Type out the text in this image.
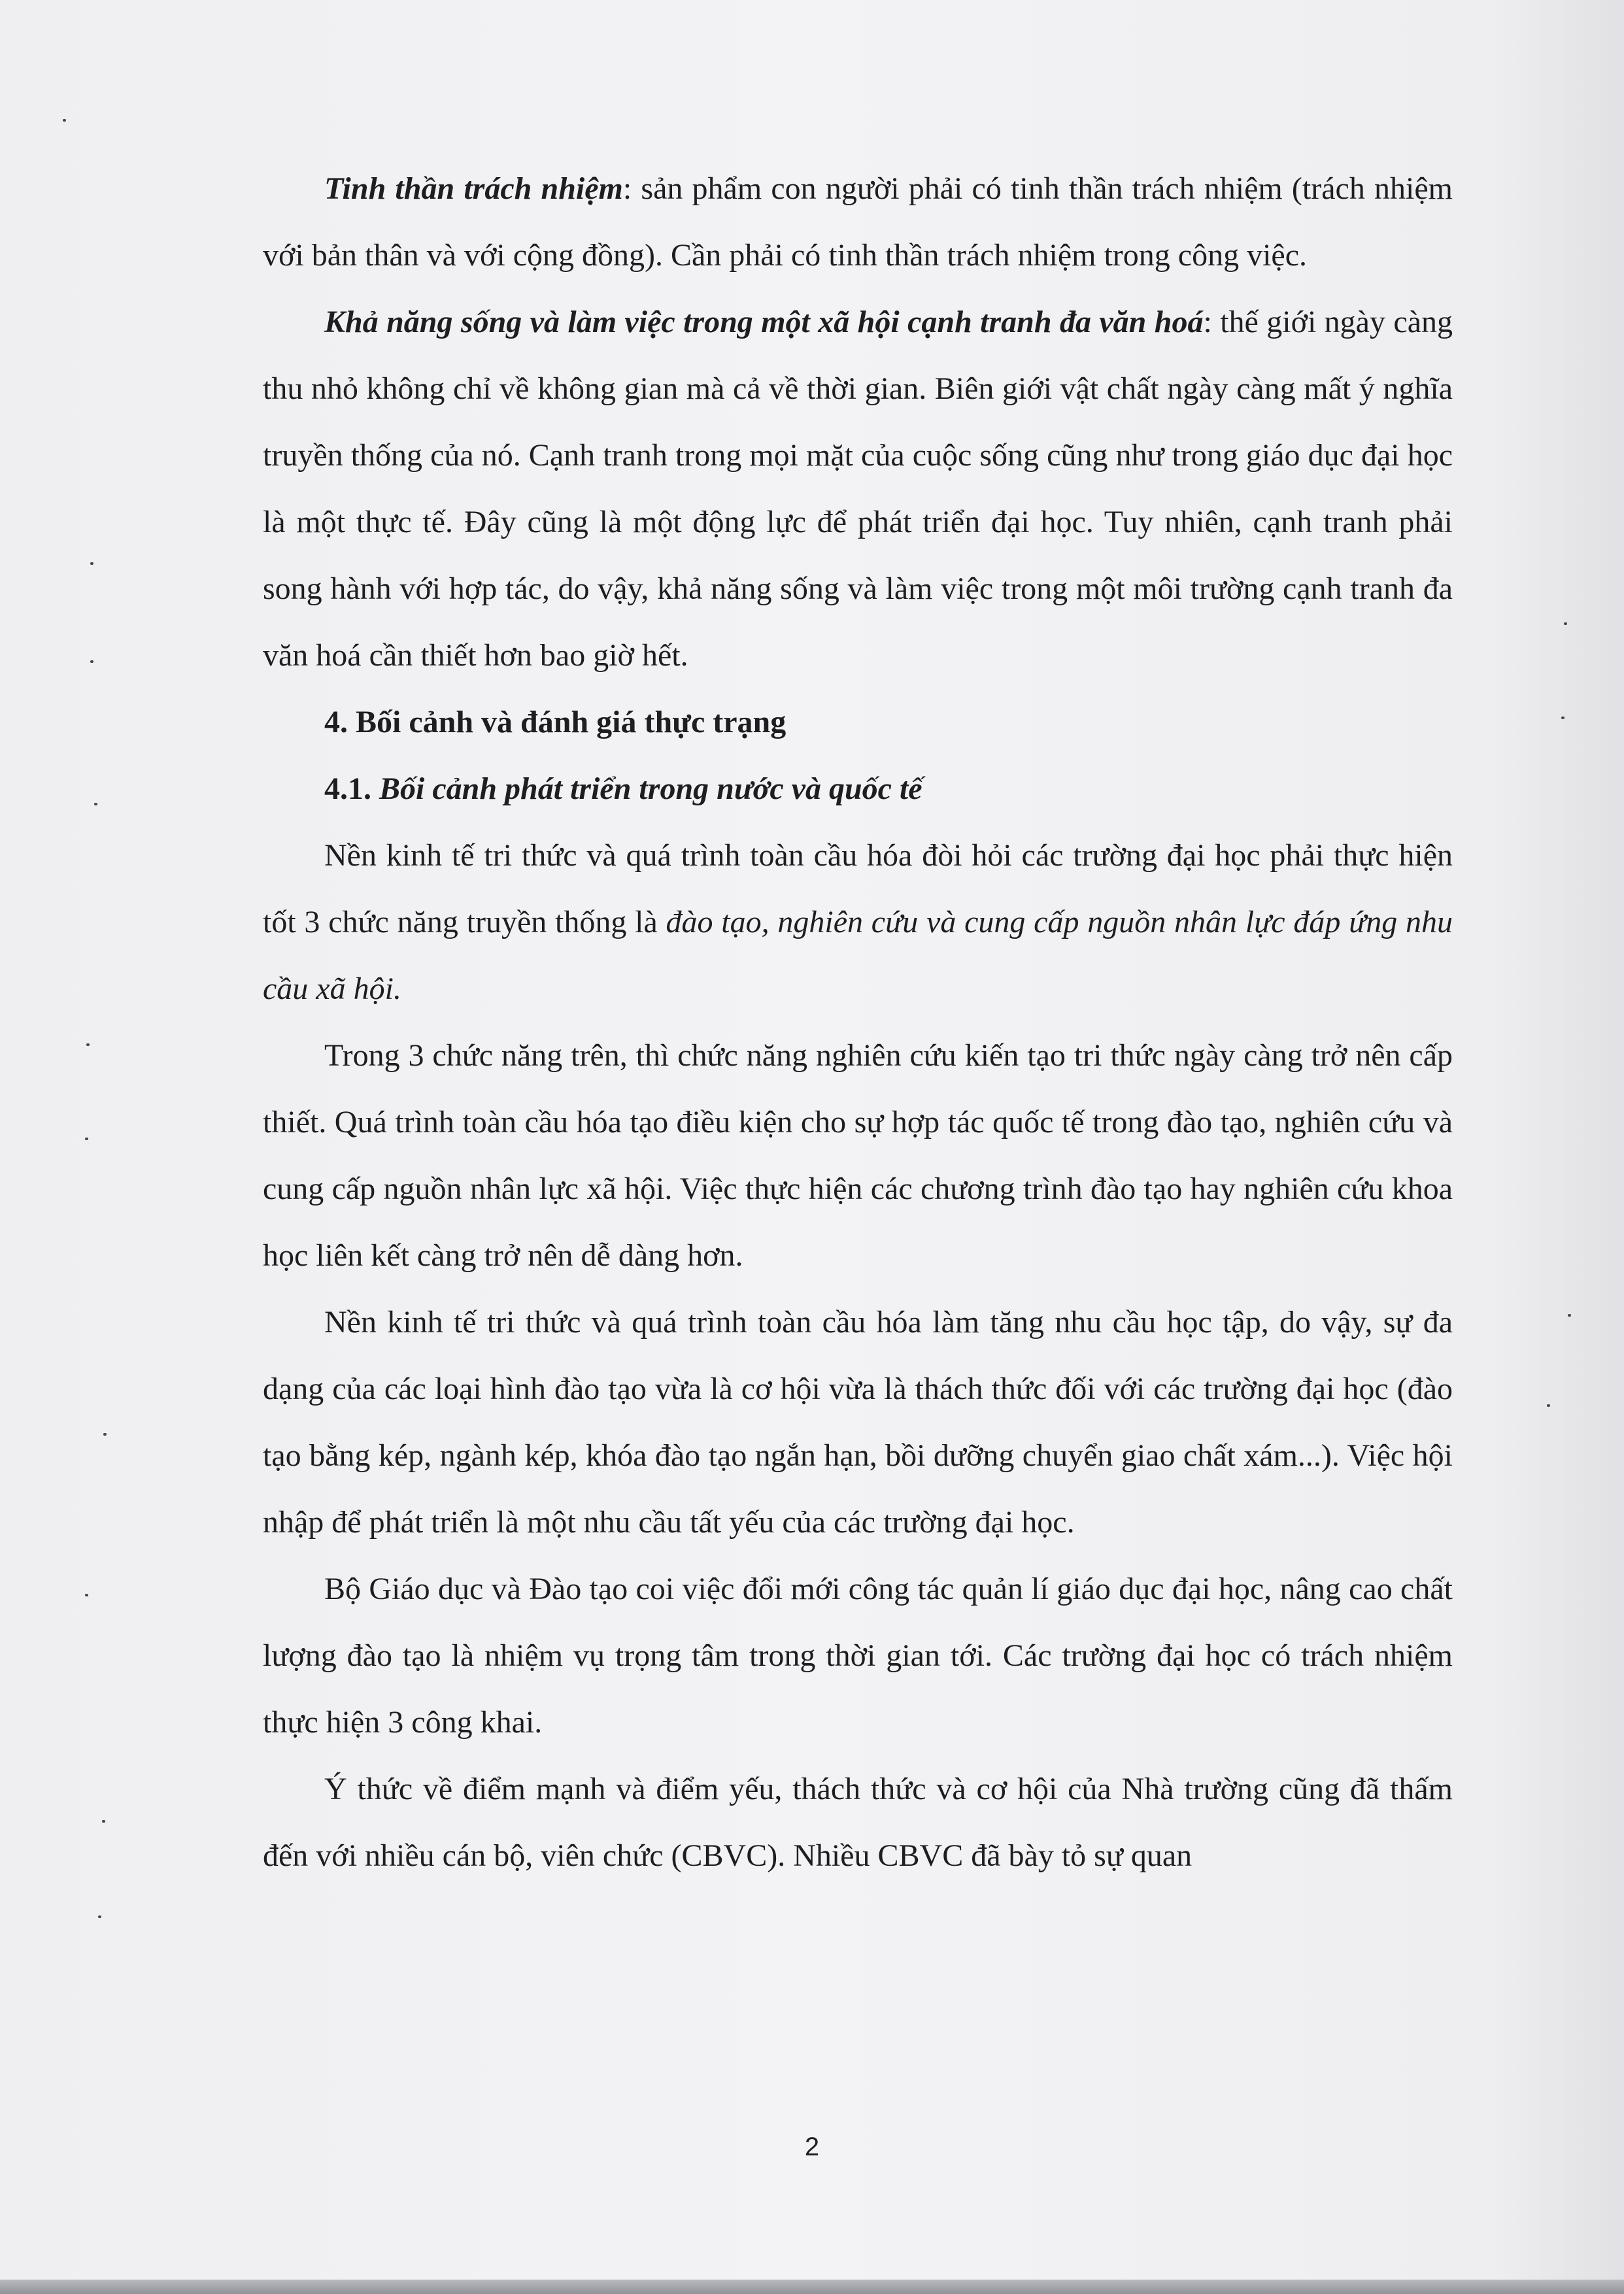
Tinh thần trách nhiệm: sản phẩm con người phải có tinh thần trách nhiệm (trách nhiệm với bản thân và với cộng đồng). Cần phải có tinh thần trách nhiệm trong công việc.

Khả năng sống và làm việc trong một xã hội cạnh tranh đa văn hoá: thế giới ngày càng thu nhỏ không chỉ về không gian mà cả về thời gian. Biên giới vật chất ngày càng mất ý nghĩa truyền thống của nó. Cạnh tranh trong mọi mặt của cuộc sống cũng như trong giáo dục đại học là một thực tế. Đây cũng là một động lực để phát triển đại học. Tuy nhiên, cạnh tranh phải song hành với hợp tác, do vậy, khả năng sống và làm việc trong một môi trường cạnh tranh đa văn hoá cần thiết hơn bao giờ hết.

4. Bối cảnh và đánh giá thực trạng

4.1. Bối cảnh phát triển trong nước và quốc tế

Nền kinh tế tri thức và quá trình toàn cầu hóa đòi hỏi các trường đại học phải thực hiện tốt 3 chức năng truyền thống là đào tạo, nghiên cứu và cung cấp nguồn nhân lực đáp ứng nhu cầu xã hội.

Trong 3 chức năng trên, thì chức năng nghiên cứu kiến tạo tri thức ngày càng trở nên cấp thiết. Quá trình toàn cầu hóa tạo điều kiện cho sự hợp tác quốc tế trong đào tạo, nghiên cứu và cung cấp nguồn nhân lực xã hội. Việc thực hiện các chương trình đào tạo hay nghiên cứu khoa học liên kết càng trở nên dễ dàng hơn.

Nền kinh tế tri thức và quá trình toàn cầu hóa làm tăng nhu cầu học tập, do vậy, sự đa dạng của các loại hình đào tạo vừa là cơ hội vừa là thách thức đối với các trường đại học (đào tạo bằng kép, ngành kép, khóa đào tạo ngắn hạn, bồi dưỡng chuyển giao chất xám...). Việc hội nhập để phát triển là một nhu cầu tất yếu của các trường đại học.

Bộ Giáo dục và Đào tạo coi việc đổi mới công tác quản lí giáo dục đại học, nâng cao chất lượng đào tạo là nhiệm vụ trọng tâm trong thời gian tới. Các trường đại học có trách nhiệm thực hiện 3 công khai.

Ý thức về điểm mạnh và điểm yếu, thách thức và cơ hội của Nhà trường cũng đã thấm đến với nhiều cán bộ, viên chức (CBVC). Nhiều CBVC đã bày tỏ sự quan

2
